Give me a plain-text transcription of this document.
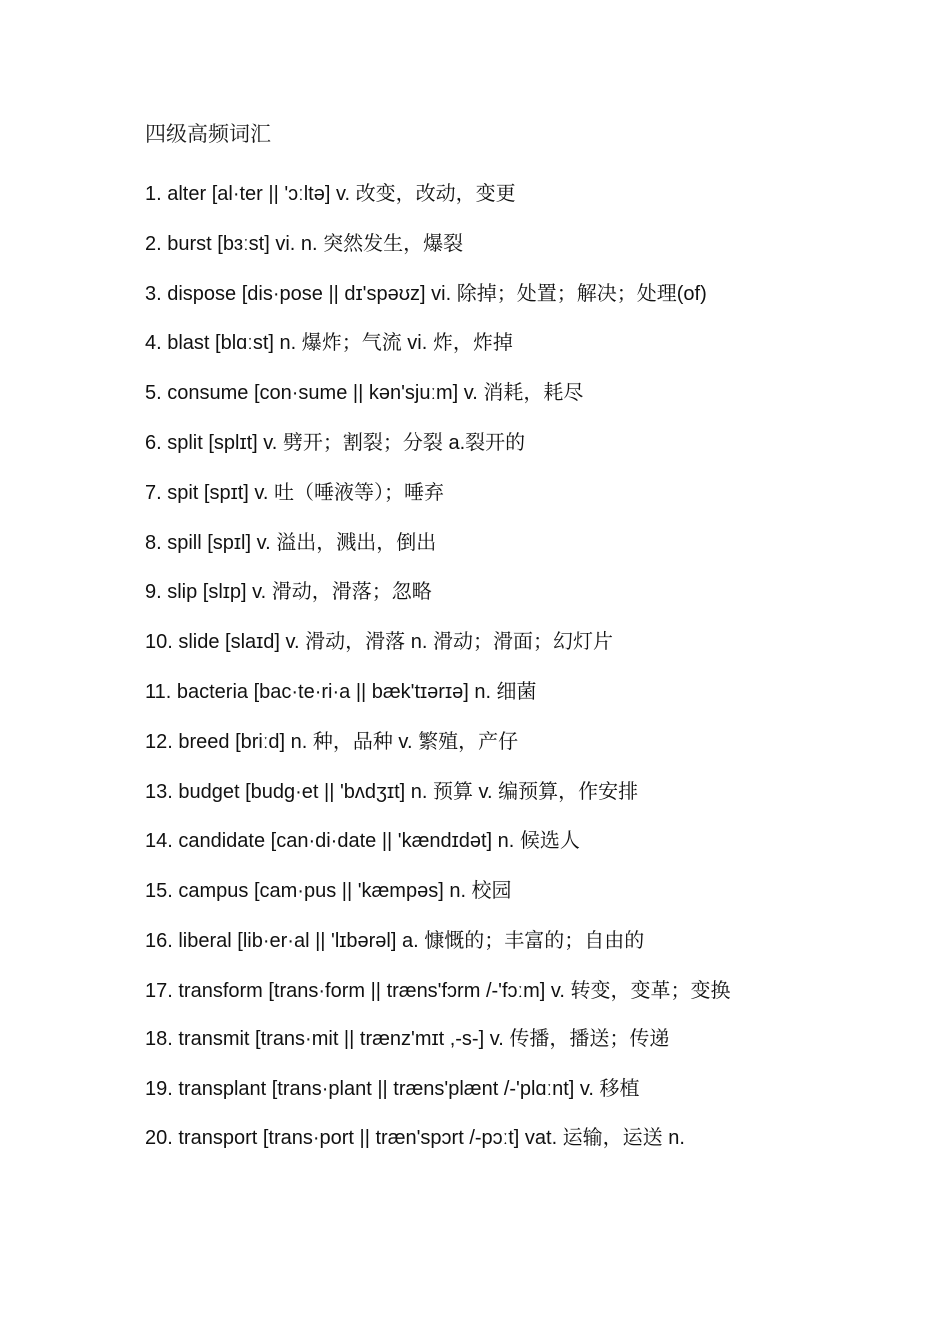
四级高频词汇
1. alter [al·ter || 'ɔːltə] v. 改变，改动，变更
2. burst [bɜːst] vi. n. 突然发生，爆裂
3. dispose [dis·pose || dɪ'spəʊz] vi. 除掉；处置；解决；处理(of)
4. blast [blɑːst] n. 爆炸；气流 vi. 炸，炸掉
5. consume [con·sume || kən'sjuːm] v. 消耗，耗尽
6. split [splɪt] v. 劈开；割裂；分裂 a.裂开的
7. spit [spɪt] v. 吐（唾液等）；唾弃
8. spill [spɪl] v. 溢出，溅出，倒出
9. slip [slɪp] v. 滑动，滑落；忽略
10. slide [slaɪd] v. 滑动，滑落 n. 滑动；滑面；幻灯片
11. bacteria [bac·te·ri·a || bæk'tɪərɪə] n. 细菌
12. breed [briːd] n. 种，品种 v. 繁殖，产仔
13. budget [budg·et || 'bʌdʒɪt] n. 预算 v. 编预算，作安排
14. candidate [can·di·date || 'kændɪdət] n. 候选人
15. campus [cam·pus || 'kæmpəs] n. 校园
16. liberal [lib·er·al || 'lɪbərəl] a. 慷慨的；丰富的；自由的
17. transform [trans·form || træns'fɔrm /-'fɔːm] v. 转变，变革；变换
18. transmit [trans·mit || trænz'mɪt ,-s-] v. 传播，播送；传递
19. transplant [trans·plant || træns'plænt /-'plɑːnt] v. 移植
20. transport [trans·port || træn'spɔrt /-pɔːt] vat. 运输，运送 n.
